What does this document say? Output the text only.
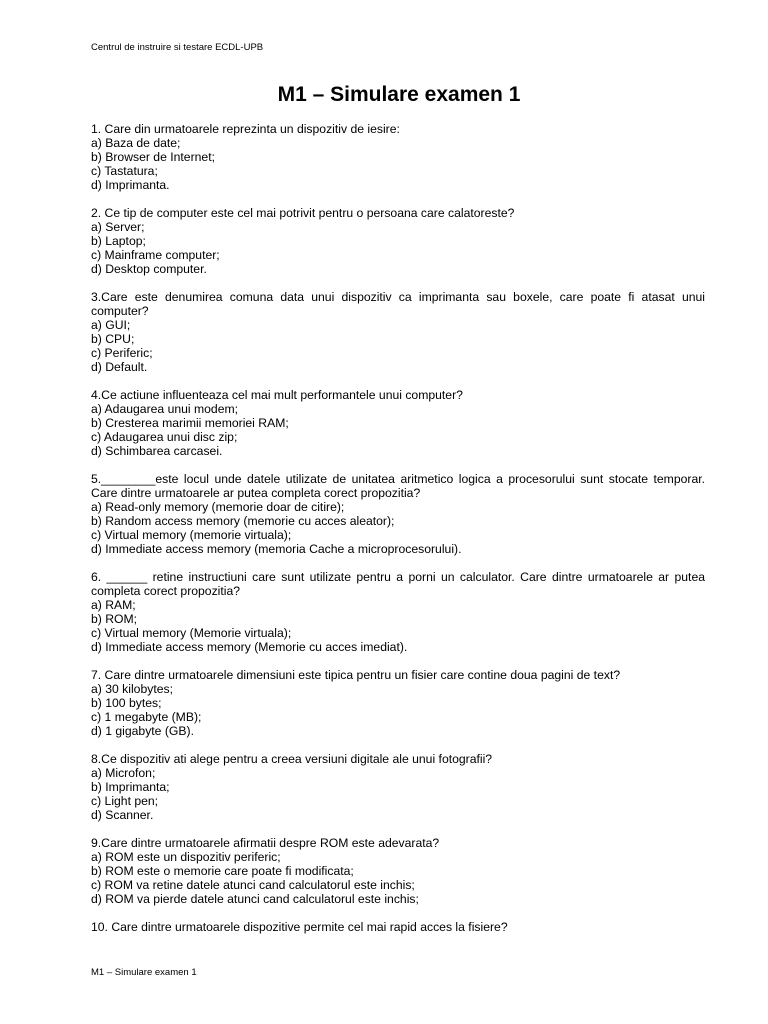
Centrul de instruire si testare ECDL-UPB
M1 – Simulare examen 1
1. Care din urmatoarele reprezinta un dispozitiv de iesire:
a) Baza de date;
b) Browser de Internet;
c) Tastatura;
d) Imprimanta.
2. Ce tip de computer este cel mai potrivit pentru o persoana care calatoreste?
a) Server;
b) Laptop;
c) Mainframe computer;
d) Desktop computer.
3.Care este denumirea comuna data unui dispozitiv ca imprimanta sau boxele, care poate fi atasat unui computer?
a) GUI;
b) CPU;
c) Periferic;
d) Default.
4.Ce actiune influenteaza cel mai mult performantele unui computer?
a) Adaugarea unui modem;
b) Cresterea marimii memoriei RAM;
c) Adaugarea unui disc zip;
d) Schimbarea carcasei.
5.________este locul unde datele utilizate de unitatea aritmetico logica a procesorului sunt stocate temporar. Care dintre urmatoarele ar putea completa corect propozitia?
a) Read-only memory (memorie doar de citire);
b) Random access memory (memorie cu acces aleator);
c) Virtual memory (memorie virtuala);
d) Immediate access memory (memoria Cache a microprocesorului).
6. ______ retine instructiuni care sunt utilizate pentru a porni un calculator. Care dintre urmatoarele ar putea completa corect propozitia?
a) RAM;
b) ROM;
c) Virtual memory (Memorie virtuala);
d) Immediate access memory (Memorie cu acces imediat).
7. Care dintre urmatoarele dimensiuni este tipica pentru un fisier care contine doua pagini de text?
a) 30 kilobytes;
b) 100 bytes;
c) 1 megabyte (MB);
d) 1 gigabyte (GB).
8.Ce dispozitiv ati alege pentru a creea versiuni digitale ale unui fotografii?
a) Microfon;
b) Imprimanta;
c) Light pen;
d) Scanner.
9.Care dintre urmatoarele afirmatii despre ROM este adevarata?
a) ROM este un dispozitiv periferic;
b) ROM este o memorie care poate fi modificata;
c) ROM va retine datele atunci cand calculatorul este inchis;
d) ROM va pierde datele atunci cand calculatorul este inchis;
10. Care dintre urmatoarele dispozitive permite cel mai rapid acces la fisiere?
M1 – Simulare examen 1
